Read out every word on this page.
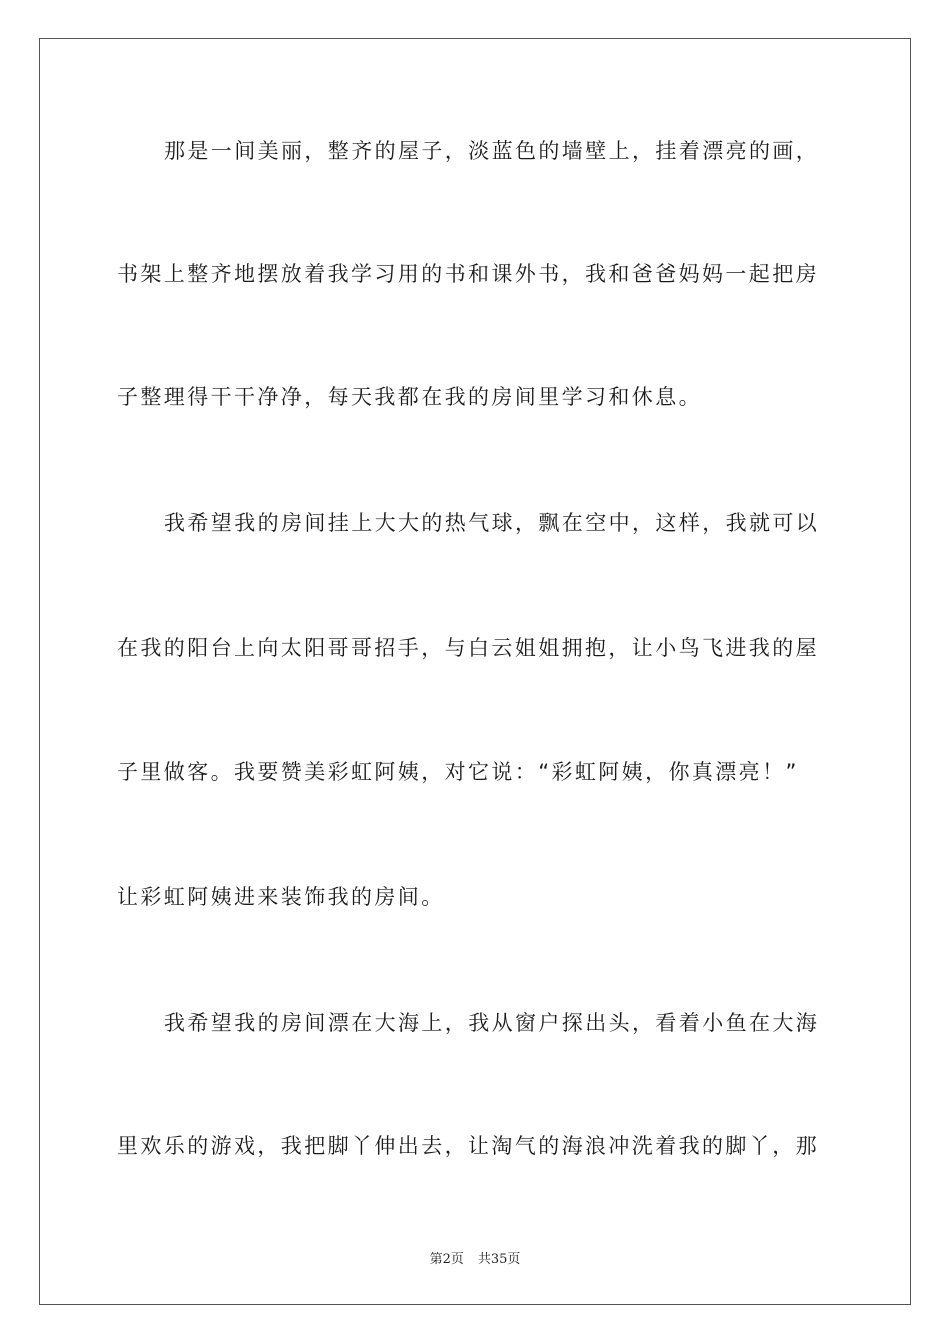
那是一间美丽，整齐的屋子，淡蓝色的墙壁上，挂着漂亮的画，

书架上整齐地摆放着我学习用的书和课外书，我和爸爸妈妈一起把房

子整理得干干净净，每天我都在我的房间里学习和休息。

我希望我的房间挂上大大的热气球，飘在空中，这样，我就可以

在我的阳台上向太阳哥哥招手，与白云姐姐拥抱，让小鸟飞进我的屋

子里做客。我要赞美彩虹阿姨，对它说：“彩虹阿姨，你真漂亮！”

让彩虹阿姨进来装饰我的房间。

我希望我的房间漂在大海上，我从窗户探出头，看着小鱼在大海

里欢乐的游戏，我把脚丫伸出去，让淘气的海浪冲洗着我的脚丫，那

第2页 共35页
